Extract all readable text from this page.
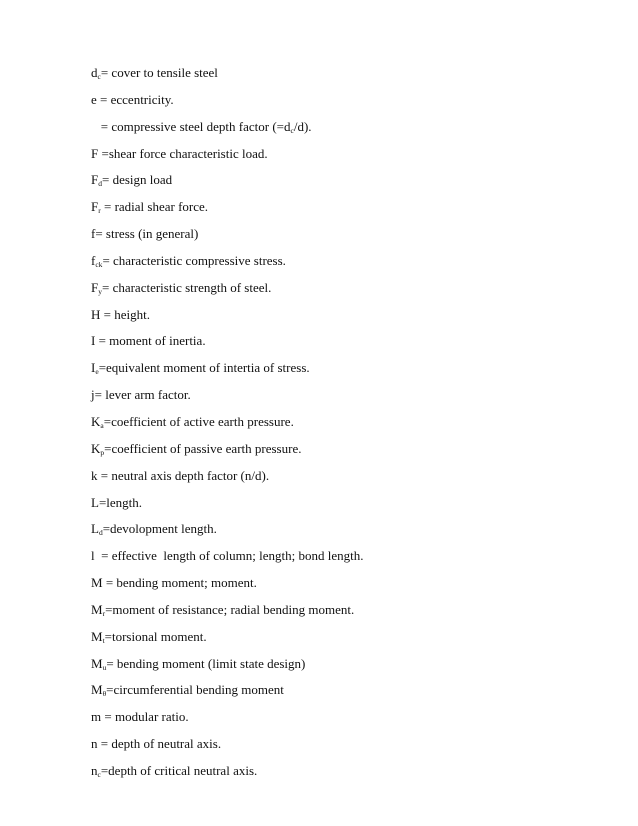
$d_c=$ cover to tensile steel
e = eccentricity.
= compressive steel depth factor $(=d_c/d)$.
F =shear force characteristic load.
$F_d=$ design load
$F_r$ = radial shear force.
f= stress (in general)
$f_{ck}=$ characteristic compressive stress.
$F_y=$ characteristic strength of steel.
H = height.
I = moment of inertia.
$I_e=equivalent$ moment of intertia of stress.
j= lever arm factor.
$K_a=coefficient$ of active earth pressure.
$K_p=coefficient$ of passive earth pressure.
k = neutral axis depth factor (n/d).
L=length.
$L_d=devolopment$ length.
l  = effective  length of column; length; bond length.
M = bending moment; moment.
$M_r=moment$ of resistance; radial bending moment.
$M_t=torsional$ moment.
$M_u=$ bending moment (limit state design)
$M_\theta=circumferential$ bending moment
m = modular ratio.
n = depth of neutral axis.
$n_c=depth$ of critical neutral axis.
